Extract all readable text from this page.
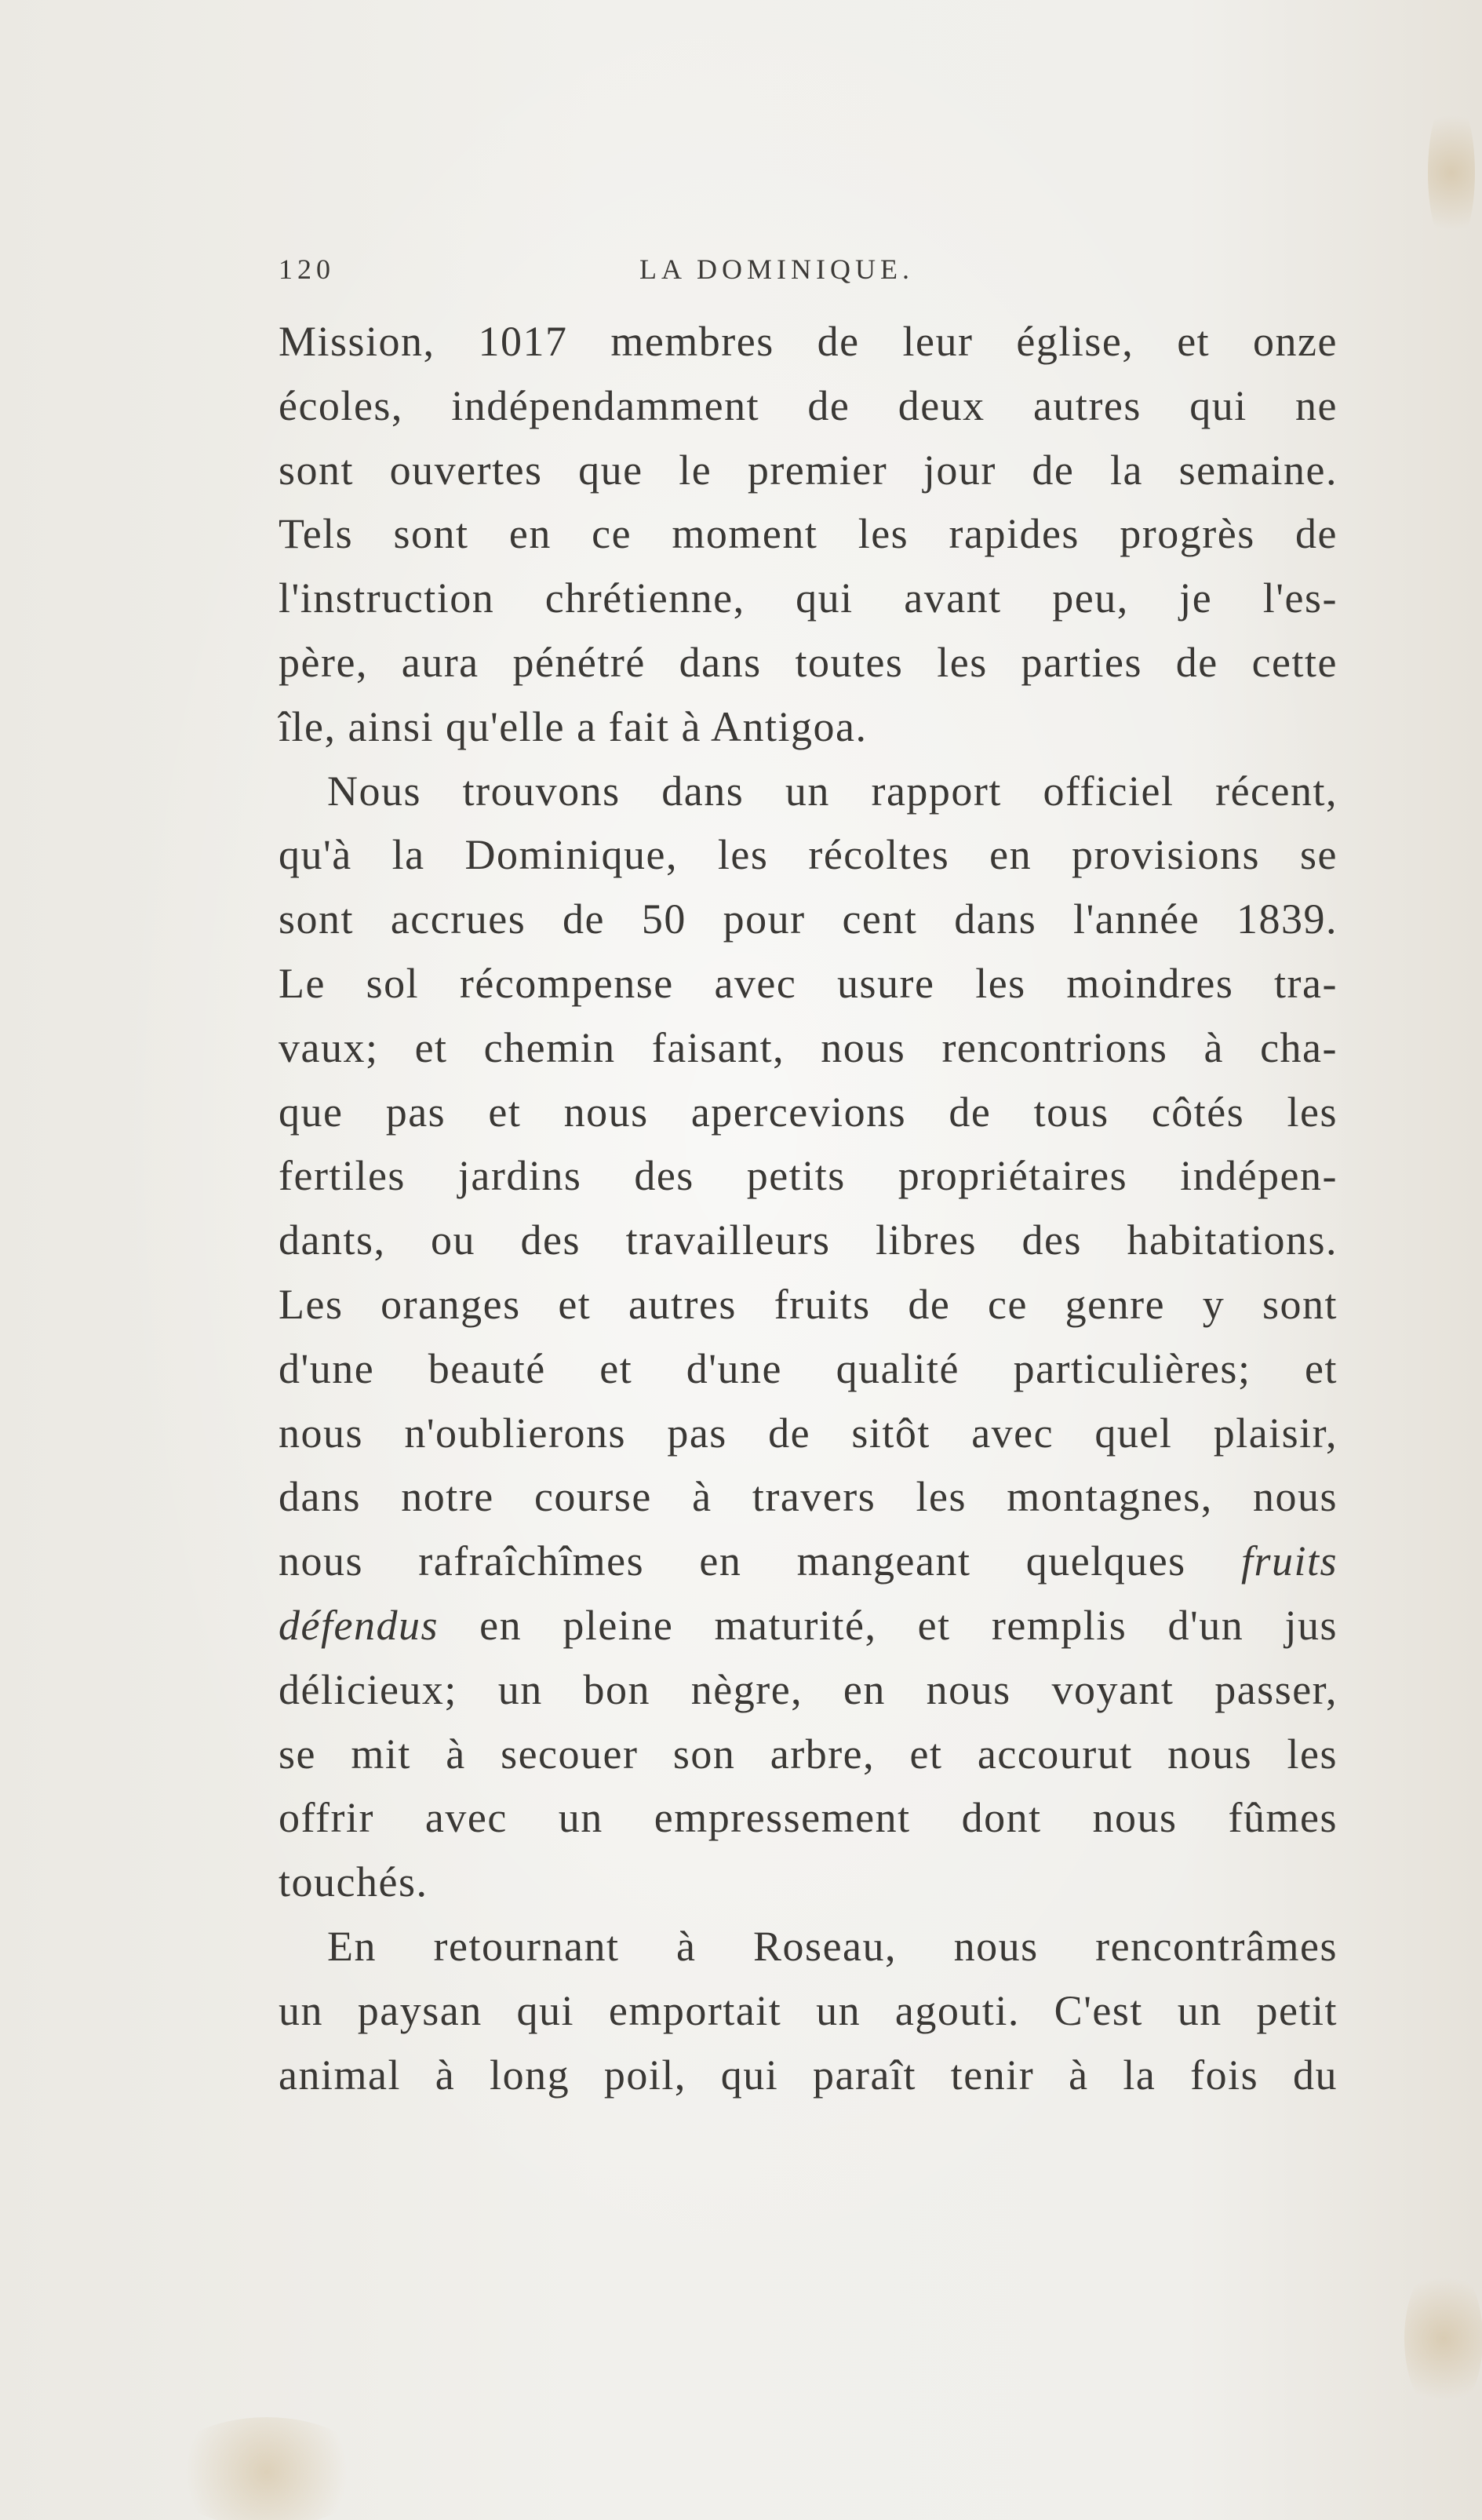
120	LA DOMINIQUE.
Mission, 1017 membres de leur église, et onze
écoles, indépendamment de deux autres qui ne
sont ouvertes que le premier jour de la semaine.
Tels sont en ce moment les rapides progrès de
l'instruction chrétienne, qui avant peu, je l'es-
père, aura pénétré dans toutes les parties de cette
île, ainsi qu'elle a fait à Antigoa.
Nous trouvons dans un rapport officiel récent,
qu'à la Dominique, les récoltes en provisions se
sont accrues de 50 pour cent dans l'année 1839.
Le sol récompense avec usure les moindres tra-
vaux; et chemin faisant, nous rencontrions à cha-
que pas et nous apercevions de tous côtés les
fertiles jardins des petits propriétaires indépen-
dants, ou des travailleurs libres des habitations.
Les oranges et autres fruits de ce genre y sont
d'une beauté et d'une qualité particulières; et
nous n'oublierons pas de sitôt avec quel plaisir,
dans notre course à travers les montagnes, nous
nous rafraîchîmes en mangeant quelques fruits
défendus en pleine maturité, et remplis d'un jus
délicieux; un bon nègre, en nous voyant passer,
se mit à secouer son arbre, et accourut nous les
offrir avec un empressement dont nous fûmes
touchés.
En retournant à Roseau, nous rencontrâmes
un paysan qui emportait un agouti. C'est un petit
animal à long poil, qui paraît tenir à la fois du
